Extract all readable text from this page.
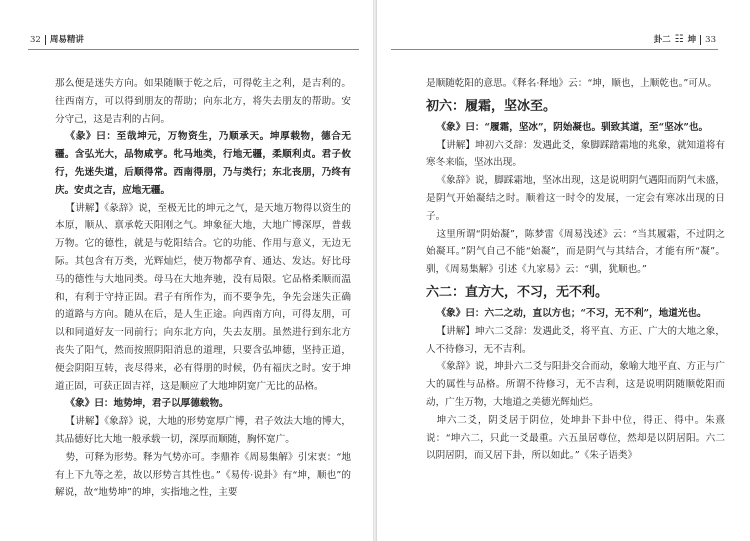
32 周易精讲

那么便是迷失方向。如果随顺于乾之后，可得乾主之利，是吉利的。往西南方，可以得到朋友的帮助；向东北方，将失去朋友的帮助。安分守己，这是吉利的占问。

《彖》曰：至哉坤元，万物资生，乃顺承天。坤厚载物，德合无疆。含弘光大，品物咸亨。牝马地类，行地无疆，柔顺利贞。君子攸行，先迷失道，后顺得常。西南得朋，乃与类行；东北丧朋，乃终有庆。安贞之吉，应地无疆。

【讲解】《彖辞》说，至极无比的坤元之气，是天地万物得以资生的本原，顺从、禀承乾天阳刚之气。坤象征大地，大地广博深厚，普载万物。它的德性，就是与乾阳结合。它的功能、作用与意义，无边无际。其包含有万类，光辉灿烂，使万物都孕育、通达、发达。好比母马的德性与大地同类。母马在大地奔驰，没有局限。它品格柔顺而温和，有利于守持正固。君子有所作为，而不要争先，争先会迷失正确的道路与方向。随从在后，是人生正途。向西南方向，可得友朋，可以和同道好友一同前行；向东北方向，失去友朋。虽然进行到东北方丧失了阳气，然而按照阴阳消息的道理，只要含弘坤德，坚持正道，便会阴阳互转，丧尽得来，必有得朋的时候，仍有福庆之时。安于坤道正固，可获正固吉祥，这是顺应了大地坤阴宽广无比的品格。

《象》曰：地势坤，君子以厚德载物。

【讲解】《象辞》说，大地的形势宽厚广博，君子效法大地的博大，其品德好比大地一般承载一切，深厚而顺随，胸怀宽广。

势，可释为形势。释为气势亦可。李鼎祚《周易集解》引宋衷：“地有上下九等之差，故以形势言其性也。”《易传·说卦》有“坤，顺也”的解说，故“地势坤”的坤，实指地之性，主要

卦二 ☷ 坤 33

是顺随乾阳的意思。《释名·释地》云：“坤，顺也，上顺乾也。”可从。

初六：履霜，坚冰至。

《象》曰：“履霜，坚冰”，阴始凝也。驯致其道，至“坚冰”也。

【讲解】坤初六爻辞：发遇此爻，象脚踩踏霜地的兆象，就知道将有寒冬来临，坚冰出现。

《象辞》说，脚踩霜地，坚冰出现，这是说明阴气遇阳而阴气未盛，是阴气开始凝结之时。顺着这一时令的发展，一定会有寒冰出现的日子。

这里所谓“阴始凝”，陈梦雷《周易浅述》云：“当其履霜，不过阴之始凝耳。”阴气自己不能“始凝”，而是阴气与其结合，才能有所“凝”。驯，《周易集解》引述《九家易》云：“驯，犹顺也。”

六二：直方大，不习，无不利。

《象》曰：六二之动，直以方也；“不习，无不利”，地道光也。

【讲解】坤六二爻辞：发遇此爻，将平直、方正、广大的大地之象，人不待修习，无不吉利。

《象辞》说，坤卦六二爻与阳卦交合而动，象喻大地平直、方正与广大的属性与品格。所谓不待修习，无不吉利，这是说明阴随顺乾阳而动，广生万物，大地道之美德光辉灿烂。

坤六二爻，阴爻居于阴位，处坤卦下卦中位，得正、得中。朱熹说：“坤六二，只此一爻最重。六五虽居尊位，然却是以阴居阳。六二以阴居阴，而又居下卦，所以如此。”《朱子语类》
